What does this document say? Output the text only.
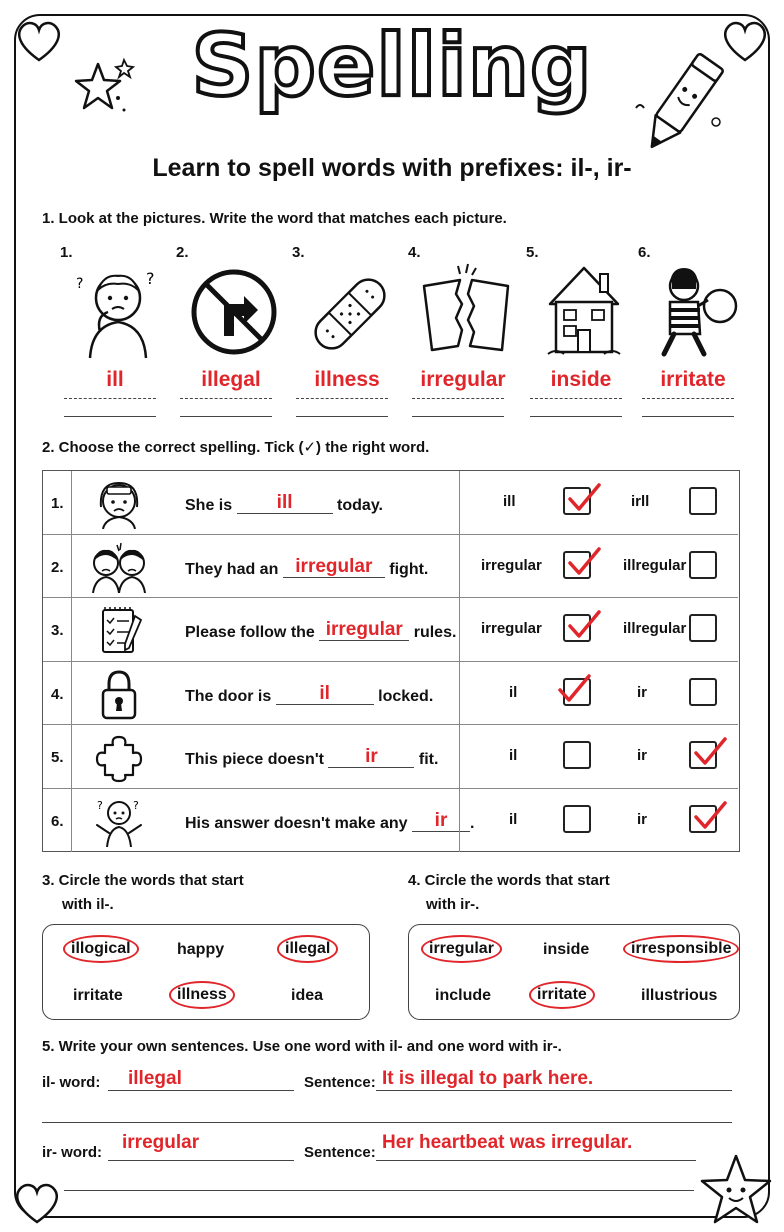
Spelling
Learn to spell words with prefixes: il-, ir-
1. Look at the pictures. Write the word that matches each picture.
1.
?	?
ill
2.
illegal
3.
illness
4.
irregular
5.
inside
6.
irritate
2. Choose the correct spelling. Tick (✓) the right word.
1.	She is ill	today.	ill	irll
2.	They had an irregular fight.	irregular	illregular
3.	Please follow the irregular rules. irregular	illregular
4.	The door is	il	locked.	il	ir
5.	This piece doesn't ir	fit.	il	ir
6.
?	?
His answer doesn't make any ir . il	ir
3. Circle the words that start
with il-.
illogical	happy	illegal
irritate	illness	idea
4. Circle the words that start
with ir-.
irregular	inside	irresponsible
include	irritate	illustrious
5. Write your own sentences. Use one word with il- and one word with ir-.
il- word: illegal	Sentence: It is illegal to park here.
ir- word: irregular	Sentence: Her heartbeat was irregular.
